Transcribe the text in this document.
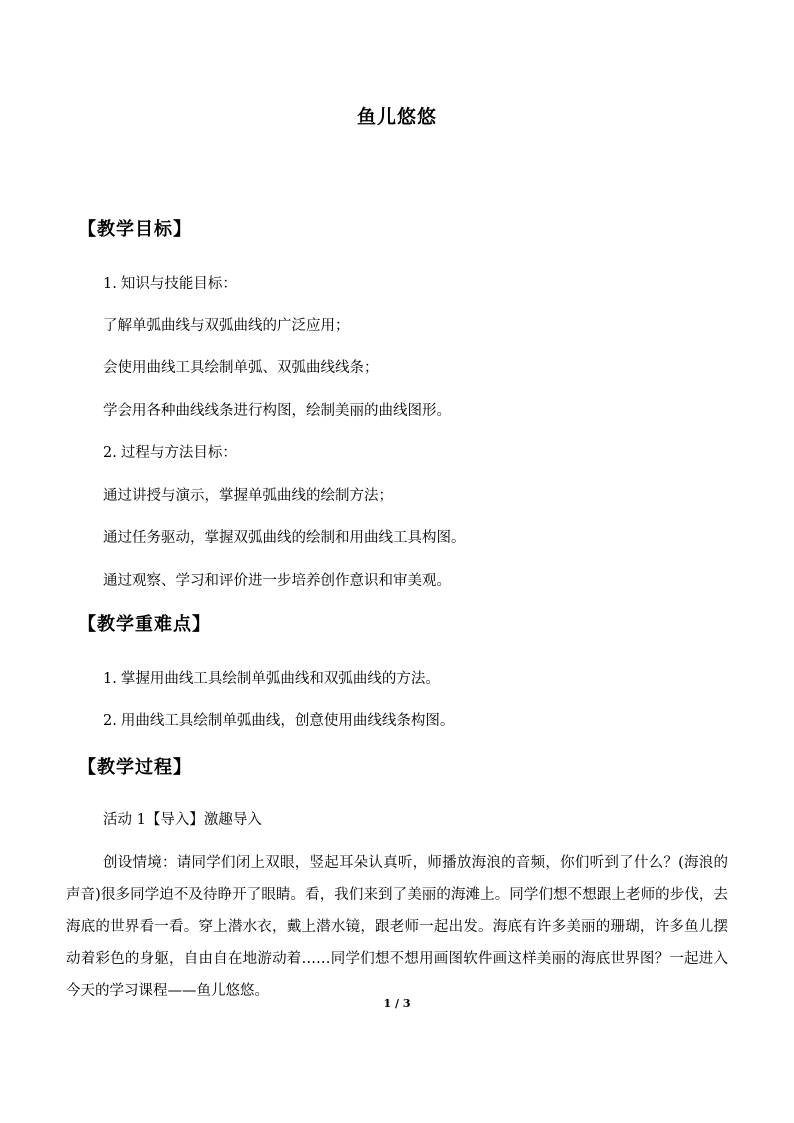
鱼儿悠悠
【教学目标】
1. 知识与技能目标：
了解单弧曲线与双弧曲线的广泛应用；
会使用曲线工具绘制单弧、双弧曲线线条；
学会用各种曲线线条进行构图，绘制美丽的曲线图形。
2. 过程与方法目标：
通过讲授与演示，掌握单弧曲线的绘制方法；
通过任务驱动，掌握双弧曲线的绘制和用曲线工具构图。
通过观察、学习和评价进一步培养创作意识和审美观。
【教学重难点】
1. 掌握用曲线工具绘制单弧曲线和双弧曲线的方法。
2. 用曲线工具绘制单弧曲线，创意使用曲线线条构图。
【教学过程】
活动 1【导入】激趣导入
创设情境：请同学们闭上双眼，竖起耳朵认真听，师播放海浪的音频，你们听到了什么？(海浪的声音)很多同学迫不及待睁开了眼睛。看，我们来到了美丽的海滩上。同学们想不想跟上老师的步伐，去海底的世界看一看。穿上潜水衣，戴上潜水镜，跟老师一起出发。海底有许多美丽的珊瑚，许多鱼儿摆动着彩色的身躯，自由自在地游动着……同学们想不想用画图软件画这样美丽的海底世界图？一起进入今天的学习课程——鱼儿悠悠。
1 / 3
